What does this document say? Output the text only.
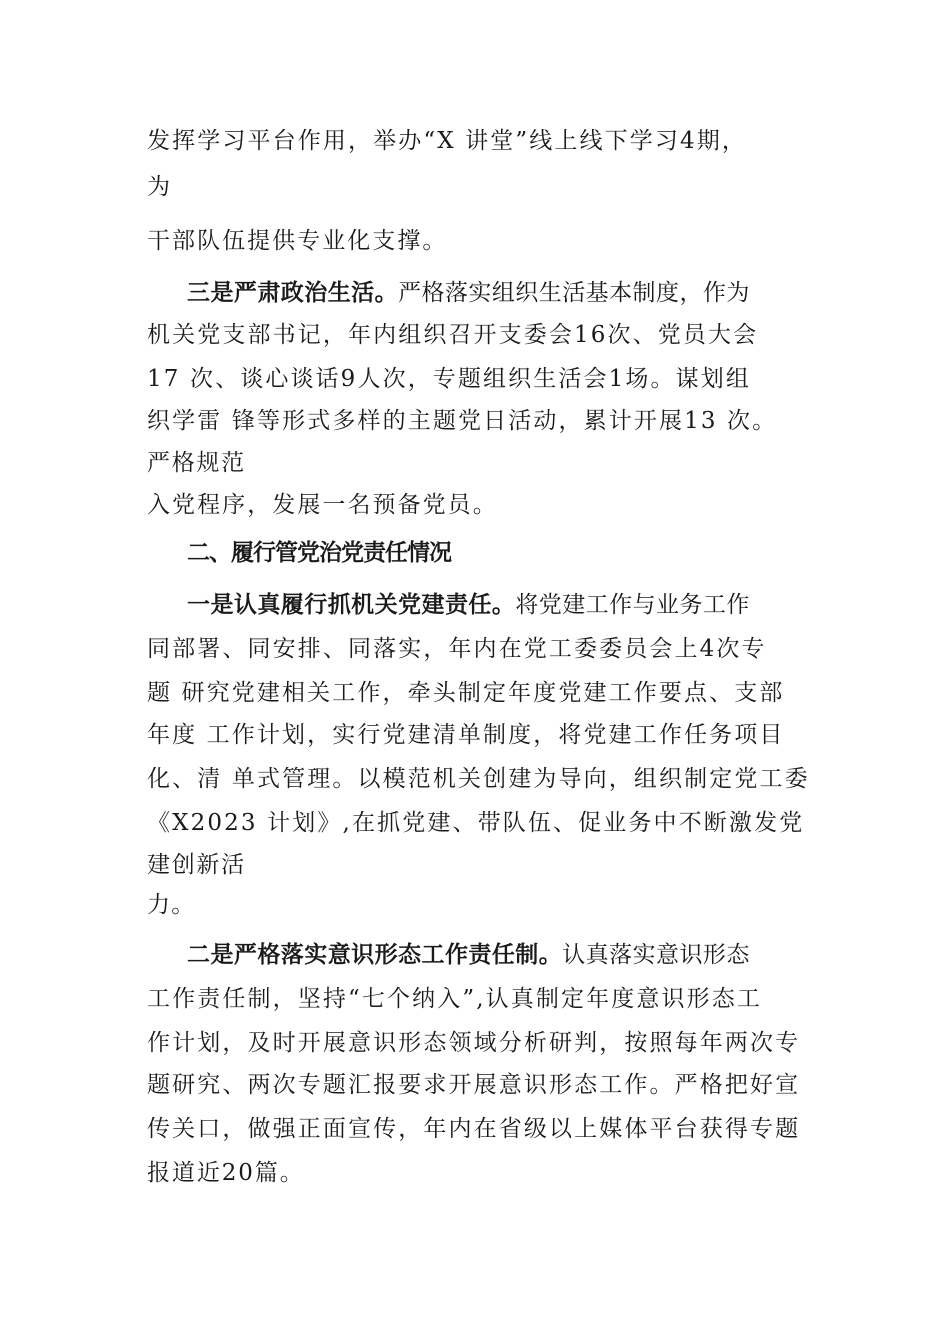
发挥学习平台作用，举办“X 讲堂”线上线下学习4期，
为
干部队伍提供专业化支撑。
三是严肃政治生活。严格落实组织生活基本制度，作为
机关党支部书记，年内组织召开支委会16次、党员大会
17 次、谈心谈话9人次，专题组织生活会1场。谋划组
织学雷 锋等形式多样的主题党日活动，累计开展13 次。
严格规范
入党程序，发展一名预备党员。
二、履行管党治党责任情况
一是认真履行抓机关党建责任。将党建工作与业务工作
同部署、同安排、同落实，年内在党工委委员会上4次专
题 研究党建相关工作，牵头制定年度党建工作要点、支部
年度 工作计划，实行党建清单制度，将党建工作任务项目
化、清 单式管理。以模范机关创建为导向，组织制定党工委
《X2023 计划》,在抓党建、带队伍、促业务中不断激发党
建创新活
力。
二是严格落实意识形态工作责任制。认真落实意识形态
工作责任制，坚持“七个纳入”,认真制定年度意识形态工
作计划，及时开展意识形态领域分析研判，按照每年两次专
题研究、两次专题汇报要求开展意识形态工作。严格把好宣
传关口，做强正面宣传，年内在省级以上媒体平台获得专题
报道近20篇。
